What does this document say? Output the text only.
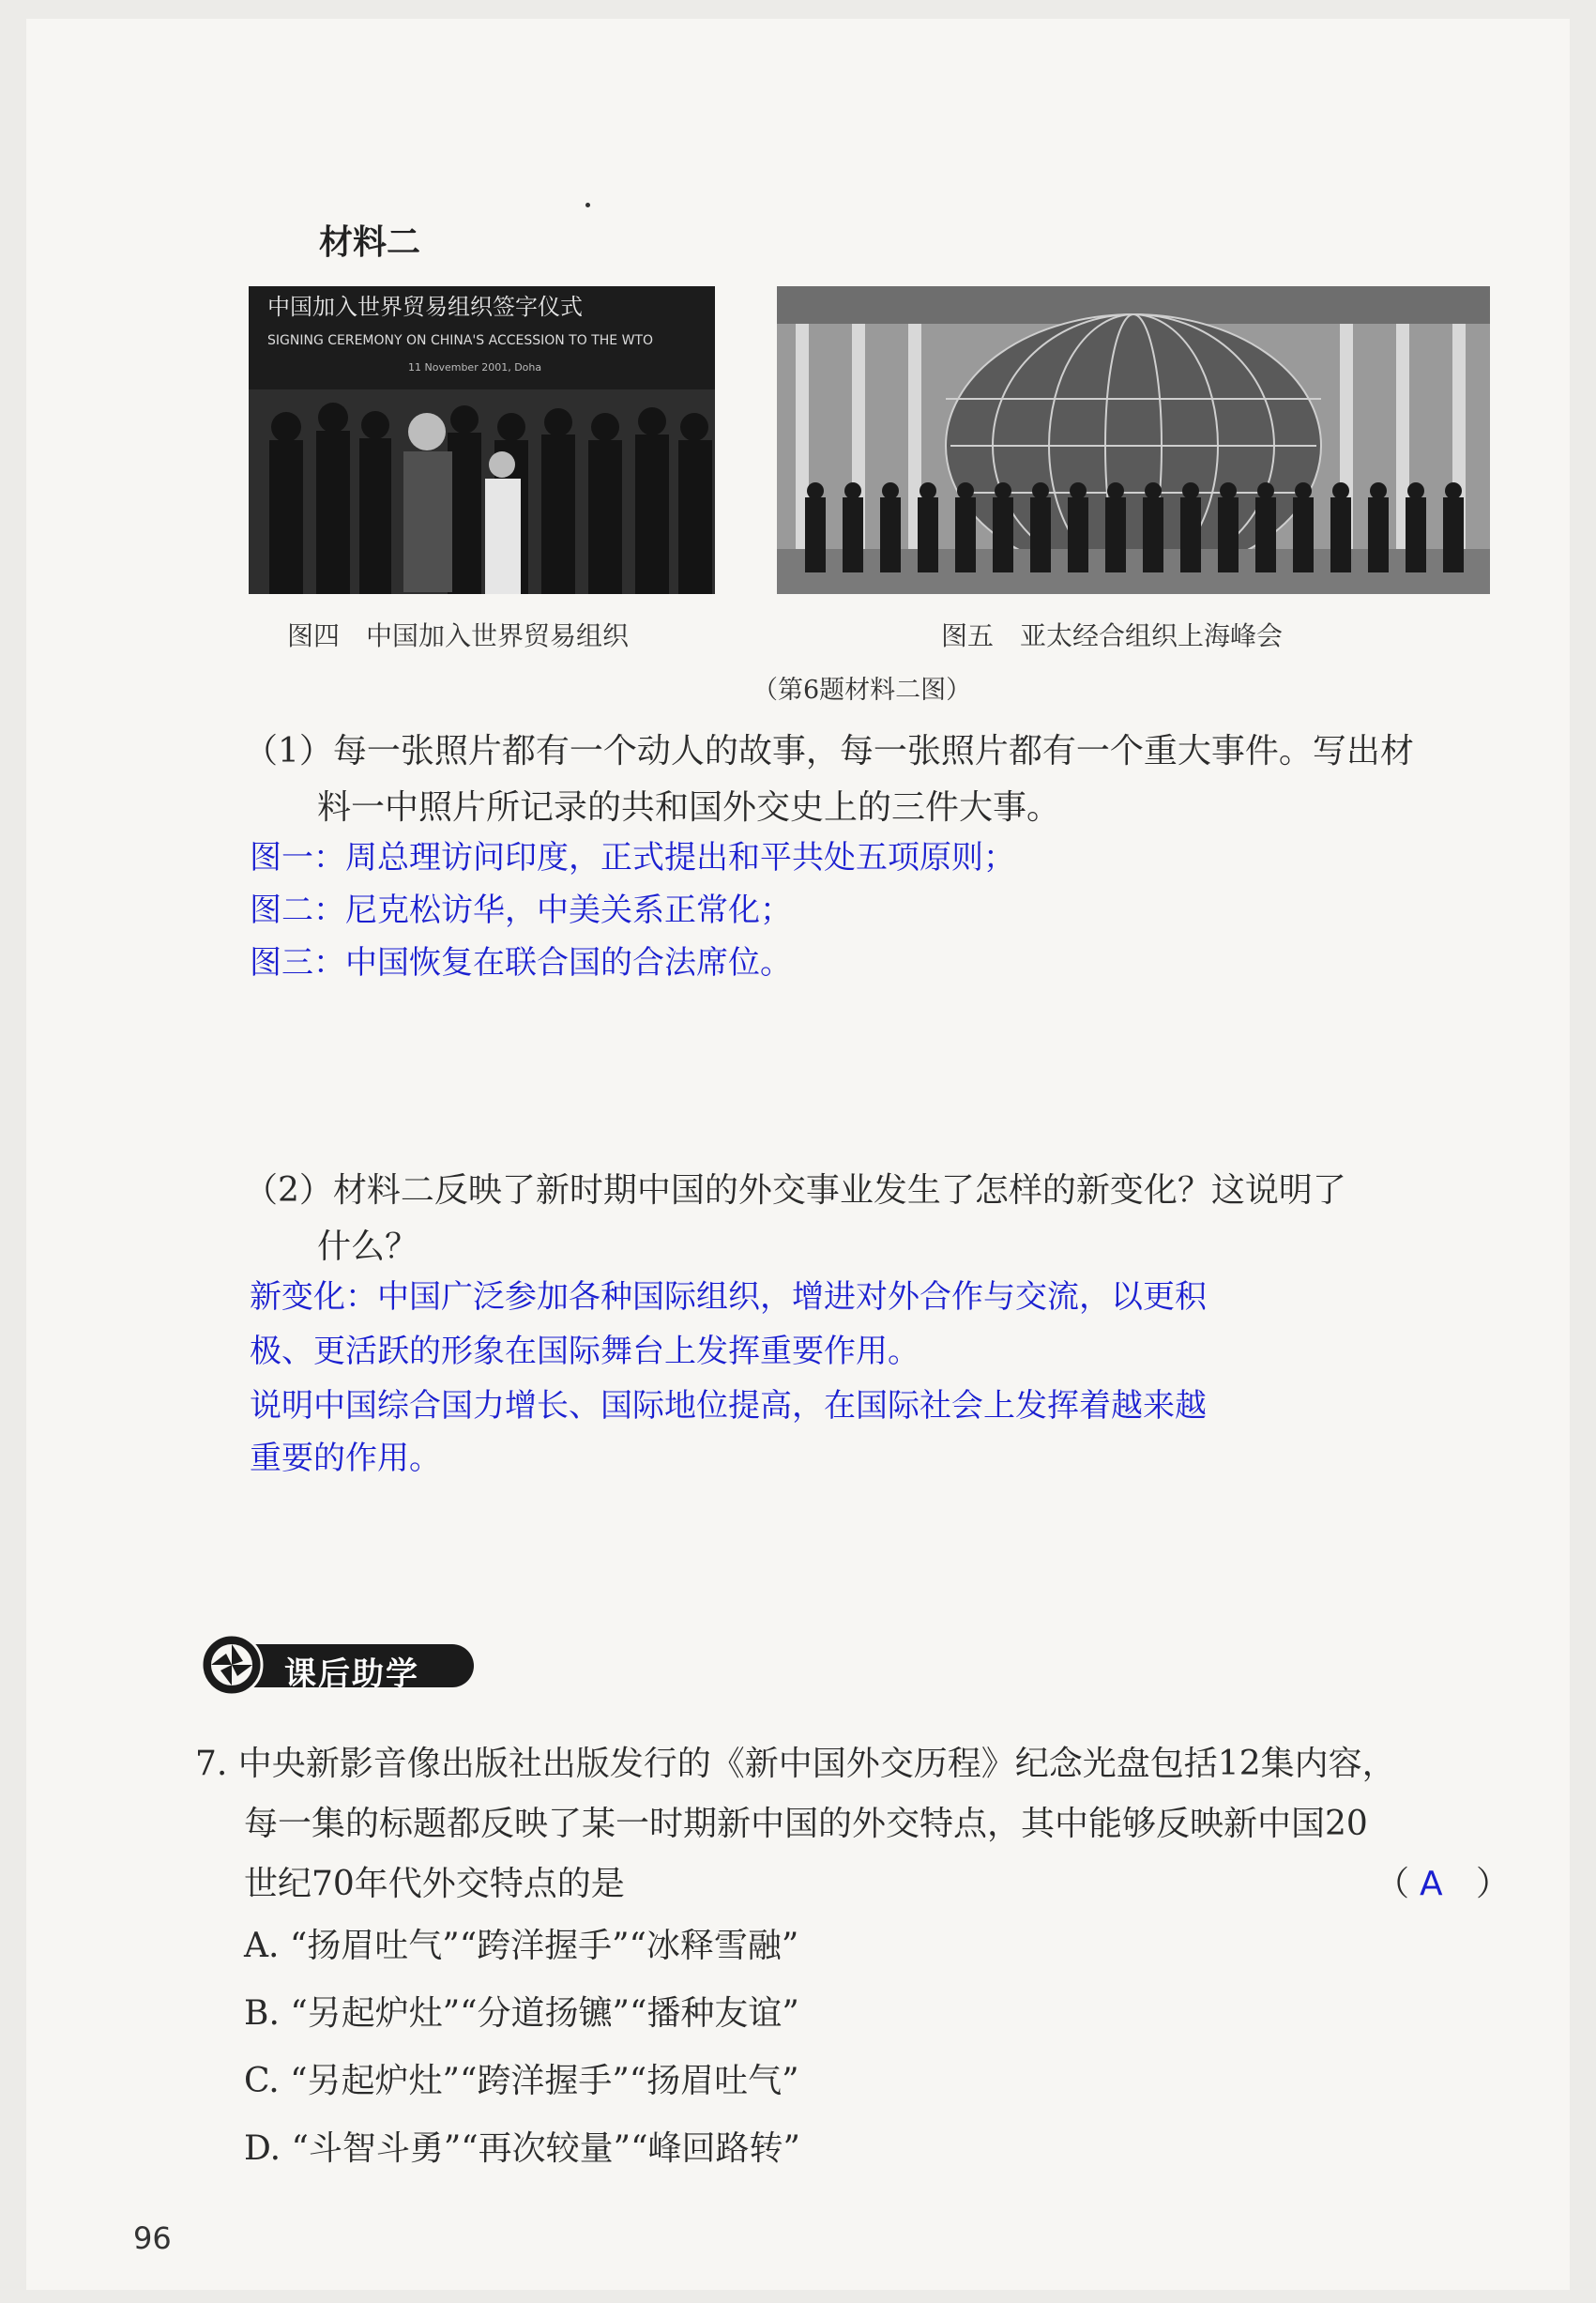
材料二
中国加入世界贸易组织签字仪式
SIGNING CEREMONY ON CHINA'S ACCESSION TO THE WTO
11 November 2001, Doha
图四　中国加入世界贸易组织	图五　亚太经合组织上海峰会
（第6题材料二图）
（1）每一张照片都有一个动人的故事，每一张照片都有一个重大事件。写出材
料一中照片所记录的共和国外交史上的三件大事。
图一：周总理访问印度，正式提出和平共处五项原则；
图二：尼克松访华，中美关系正常化；
图三：中国恢复在联合国的合法席位。
（2）材料二反映了新时期中国的外交事业发生了怎样的新变化？这说明了
什么？
新变化：中国广泛参加各种国际组织，增进对外合作与交流，以更积
极、更活跃的形象在国际舞台上发挥重要作用。
说明中国综合国力增长、国际地位提高，在国际社会上发挥着越来越
重要的作用。
课后助学
7. 中央新影音像出版社出版发行的《新中国外交历程》纪念光盘包括12集内容，
每一集的标题都反映了某一时期新中国的外交特点，其中能够反映新中国20
世纪70年代外交特点的是	（ A ）
A. “扬眉吐气”“跨洋握手”“冰释雪融”
B. “另起炉灶”“分道扬镳”“播种友谊”
C. “另起炉灶”“跨洋握手”“扬眉吐气”
D. “斗智斗勇”“再次较量”“峰回路转”
96
